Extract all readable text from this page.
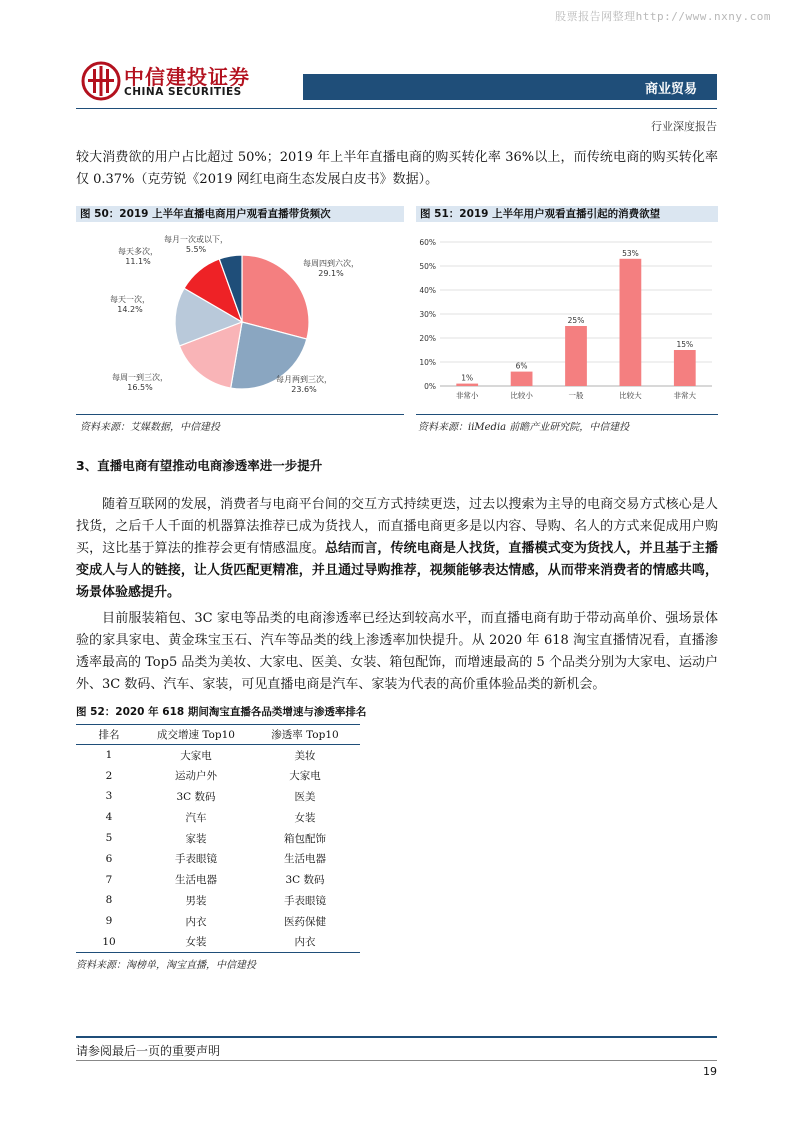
股票报告网整理http://www.nxny.com
中信建投证券
CHINA SECURITIES	商业贸易
行业深度报告
较大消费欲的用户占比超过 50%；2019 年上半年直播电商的购买转化率 36%以上，而传统电商的购买转化率仅 0.37%（克劳锐《2019 网红电商生态发展白皮书》数据）。
图 50：2019 上半年直播电商用户观看直播带货频次
每周四到六次，
29.1%
每月两到三次，
23.6%
每周一到三次，
16.5%
每天一次，
14.2%
每天多次，
11.1%
每月一次或以下，
5.5%
资料来源：艾媒数据，中信建投
图 51：2019 上半年用户观看直播引起的消费欲望
0%
10%
20%
30%
40%
50%
60%
1%
非常小
6%
比较小
25%
一般
53%
比较大
15%
非常大
资料来源：iiMedia 前瞻产业研究院，中信建投
3、直播电商有望推动电商渗透率进一步提升
随着互联网的发展，消费者与电商平台间的交互方式持续更迭，过去以搜索为主导的电商交易方式核心是人找货，之后千人千面的机器算法推荐已成为货找人，而直播电商更多是以内容、导购、名人的方式来促成用户购买，这比基于算法的推荐会更有情感温度。总结而言，传统电商是人找货，直播模式变为货找人，并且基于主播变成人与人的链接，让人货匹配更精准，并且通过导购推荐，视频能够表达情感，从而带来消费者的情感共鸣，场景体验感提升。
目前服装箱包、3C 家电等品类的电商渗透率已经达到较高水平，而直播电商有助于带动高单价、强场景体验的家具家电、黄金珠宝玉石、汽车等品类的线上渗透率加快提升。从 2020 年 618 淘宝直播情况看，直播渗透率最高的 Top5 品类为美妆、大家电、医美、女装、箱包配饰，而增速最高的 5 个品类分别为大家电、运动户外、3C 数码、汽车、家装，可见直播电商是汽车、家装为代表的高价重体验品类的新机会。
图 52：2020 年 618 期间淘宝直播各品类增速与渗透率排名
排名	成交增速 Top10	渗透率 Top10
1	大家电	美妆
2	运动户外	大家电
3	3C 数码	医美
4	汽车	女装
5	家装	箱包配饰
6	手表眼镜	生活电器
7	生活电器	3C 数码
8	男装	手表眼镜
9	内衣	医药保健
10	女装	内衣
资料来源：淘榜单，淘宝直播，中信建投
请参阅最后一页的重要声明
19
